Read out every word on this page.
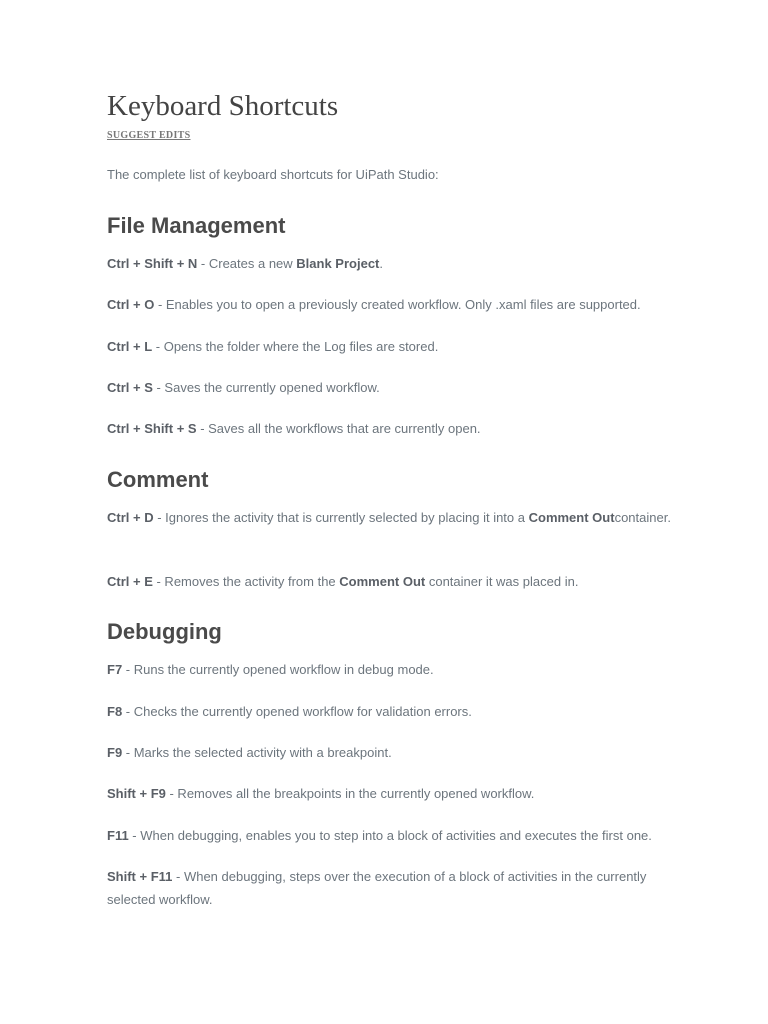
Keyboard Shortcuts
SUGGEST EDITS
The complete list of keyboard shortcuts for UiPath Studio:
File Management
Ctrl + Shift + N - Creates a new Blank Project.
Ctrl + O - Enables you to open a previously created workflow. Only .xaml files are supported.
Ctrl + L - Opens the folder where the Log files are stored.
Ctrl + S - Saves the currently opened workflow.
Ctrl + Shift + S - Saves all the workflows that are currently open.
Comment
Ctrl + D - Ignores the activity that is currently selected by placing it into a Comment Outcontainer.
Ctrl + E - Removes the activity from the Comment Out container it was placed in.
Debugging
F7 - Runs the currently opened workflow in debug mode.
F8 - Checks the currently opened workflow for validation errors.
F9 - Marks the selected activity with a breakpoint.
Shift + F9 - Removes all the breakpoints in the currently opened workflow.
F11 - When debugging, enables you to step into a block of activities and executes the first one.
Shift + F11 - When debugging, steps over the execution of a block of activities in the currently selected workflow.
